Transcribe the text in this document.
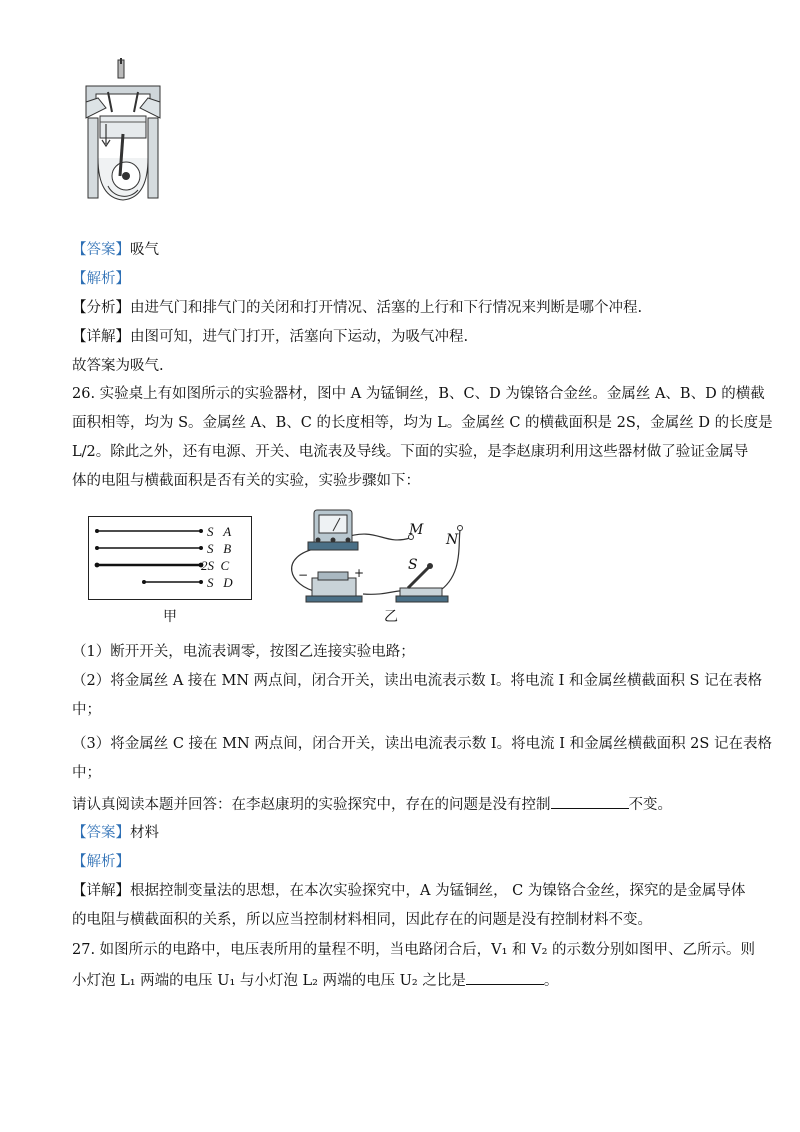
【答案】吸气
【解析】
【分析】由进气门和排气门的关闭和打开情况、活塞的上行和下行情况来判断是哪个冲程.
【详解】由图可知，进气门打开，活塞向下运动，为吸气冲程.
故答案为吸气.
26. 实验桌上有如图所示的实验器材，图中 A 为锰铜丝，B、C、D 为镍铬合金丝。金属丝 A、B、D 的横截
面积相等，均为 S。金属丝 A、B、C 的长度相等，均为 L。金属丝 C 的横截面积是 2S，金属丝 D 的长度是
L/2。除此之外，还有电源、开关、电流表及导线。下面的实验，是李赵康玥利用这些器材做了验证金属导
体的电阻与横截面积是否有关的实验，实验步骤如下：
S A
S B
2S C
S D
甲
M
N
S
−	+
乙
（1）断开开关，电流表调零，按图乙连接实验电路；
（2）将金属丝 A 接在 MN 两点间，闭合开关，读出电流表示数 I。将电流 I 和金属丝横截面积 S 记在表格
中；
（3）将金属丝 C 接在 MN 两点间，闭合开关，读出电流表示数 I。将电流 I 和金属丝横截面积 2S 记在表格
中；
请认真阅读本题并回答：在李赵康玥的实验探究中，存在的问题是没有控制	不变。
【答案】材料
【解析】
【详解】根据控制变量法的思想，在本次实验探究中，A 为锰铜丝， C 为镍铬合金丝，探究的是金属导体
的电阻与横截面积的关系，所以应当控制材料相同，因此存在的问题是没有控制材料不变。
27. 如图所示的电路中，电压表所用的量程不明，当电路闭合后，V₁ 和 V₂ 的示数分别如图甲、乙所示。则
小灯泡 L₁ 两端的电压 U₁ 与小灯泡 L₂ 两端的电压 U₂ 之比是	。
